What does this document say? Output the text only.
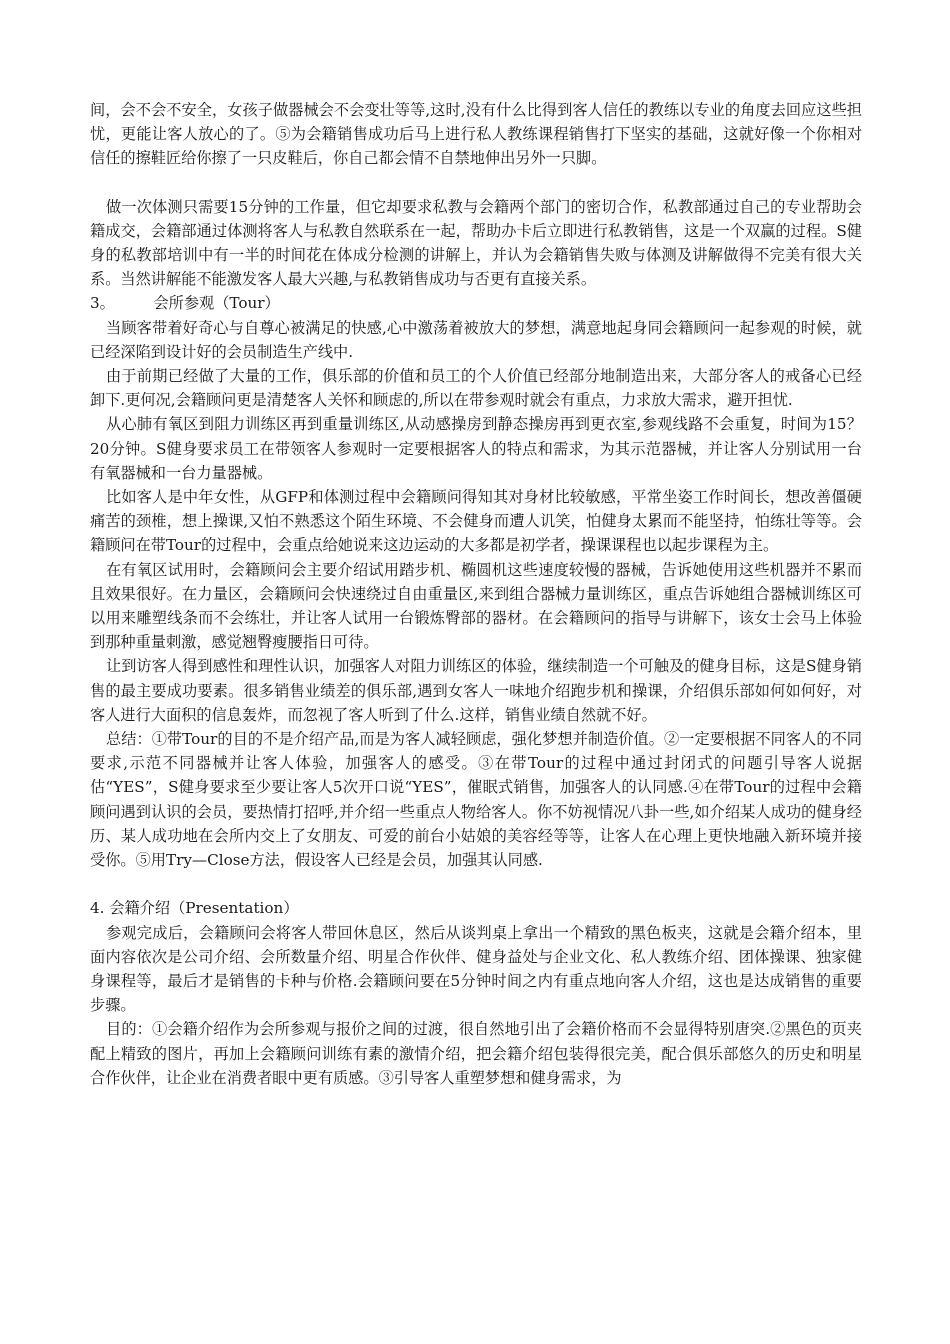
间，会不会不安全，女孩子做器械会不会变壮等等,这时,没有什么比得到客人信任的教练以专业的角度去回应这些担忧，更能让客人放心的了。⑤为会籍销售成功后马上进行私人教练课程销售打下坚实的基础，这就好像一个你相对信任的擦鞋匠给你擦了一只皮鞋后，你自己都会情不自禁地伸出另外一只脚。

做一次体测只需要15分钟的工作量，但它却要求私教与会籍两个部门的密切合作，私教部通过自己的专业帮助会籍成交，会籍部通过体测将客人与私教自然联系在一起，帮助办卡后立即进行私教销售，这是一个双赢的过程。S健身的私教部培训中有一半的时间花在体成分检测的讲解上，并认为会籍销售失败与体测及讲解做得不完美有很大关系。当然讲解能不能激发客人最大兴趣,与私教销售成功与否更有直接关系。

3。        会所参观（Tour）

当顾客带着好奇心与自尊心被满足的快感,心中激荡着被放大的梦想，满意地起身同会籍顾问一起参观的时候，就已经深陷到设计好的会员制造生产线中.

由于前期已经做了大量的工作，俱乐部的价值和员工的个人价值已经部分地制造出来，大部分客人的戒备心已经卸下.更何况,会籍顾问更是清楚客人关怀和顾虑的,所以在带参观时就会有重点，力求放大需求，避开担忧.

从心肺有氧区到阻力训练区再到重量训练区,从动感操房到静态操房再到更衣室,参观线路不会重复，时间为15？20分钟。S健身要求员工在带领客人参观时一定要根据客人的特点和需求，为其示范器械，并让客人分别试用一台有氧器械和一台力量器械。

比如客人是中年女性，从GFP和体测过程中会籍顾问得知其对身材比较敏感，平常坐姿工作时间长，想改善僵硬痛苦的颈椎，想上操课,又怕不熟悉这个陌生环境、不会健身而遭人讥笑，怕健身太累而不能坚持，怕练壮等等。会籍顾问在带Tour的过程中，会重点给她说来这边运动的大多都是初学者，操课课程也以起步课程为主。

在有氧区试用时，会籍顾问会主要介绍试用踏步机、椭圆机这些速度较慢的器械，告诉她使用这些机器并不累而且效果很好。在力量区，会籍顾问会快速绕过自由重量区,来到组合器械力量训练区，重点告诉她组合器械训练区可以用来雕塑线条而不会练壮，并让客人试用一台锻炼臀部的器材。在会籍顾问的指导与讲解下，该女士会马上体验到那种重量刺激，感觉翘臀瘦腰指日可待。

让到访客人得到感性和理性认识，加强客人对阻力训练区的体验，继续制造一个可触及的健身目标，这是S健身销售的最主要成功要素。很多销售业绩差的俱乐部,遇到女客人一味地介绍跑步机和操课，介绍俱乐部如何如何好，对客人进行大面积的信息轰炸，而忽视了客人听到了什么.这样，销售业绩自然就不好。

总结：①带Tour的目的不是介绍产品,而是为客人减轻顾虑，强化梦想并制造价值。②一定要根据不同客人的不同要求,示范不同器械并让客人体验，加强客人的感受。③在带Tour的过程中通过封闭式的问题引导客人说据估“YES”，S健身要求至少要让客人5次开口说“YES”，催眠式销售，加强客人的认同感.④在带Tour的过程中会籍顾问遇到认识的会员，要热情打招呼,并介绍一些重点人物给客人。你不妨视情况八卦一些,如介绍某人成功的健身经历、某人成功地在会所内交上了女朋友、可爱的前台小姑娘的美容经等等，让客人在心理上更快地融入新环境并接受你。⑤用Try—Close方法，假设客人已经是会员，加强其认同感.

4. 会籍介绍（Presentation）

参观完成后，会籍顾问会将客人带回休息区，然后从谈判桌上拿出一个精致的黑色板夹，这就是会籍介绍本，里面内容依次是公司介绍、会所数量介绍、明星合作伙伴、健身益处与企业文化、私人教练介绍、团体操课、独家健身课程等，最后才是销售的卡种与价格.会籍顾问要在5分钟时间之内有重点地向客人介绍，这也是达成销售的重要步骤。

目的：①会籍介绍作为会所参观与报价之间的过渡，很自然地引出了会籍价格而不会显得特别唐突.②黑色的页夹配上精致的图片，再加上会籍顾问训练有素的激情介绍，把会籍介绍包装得很完美，配合俱乐部悠久的历史和明星合作伙伴，让企业在消费者眼中更有质感。③引导客人重塑梦想和健身需求，为
